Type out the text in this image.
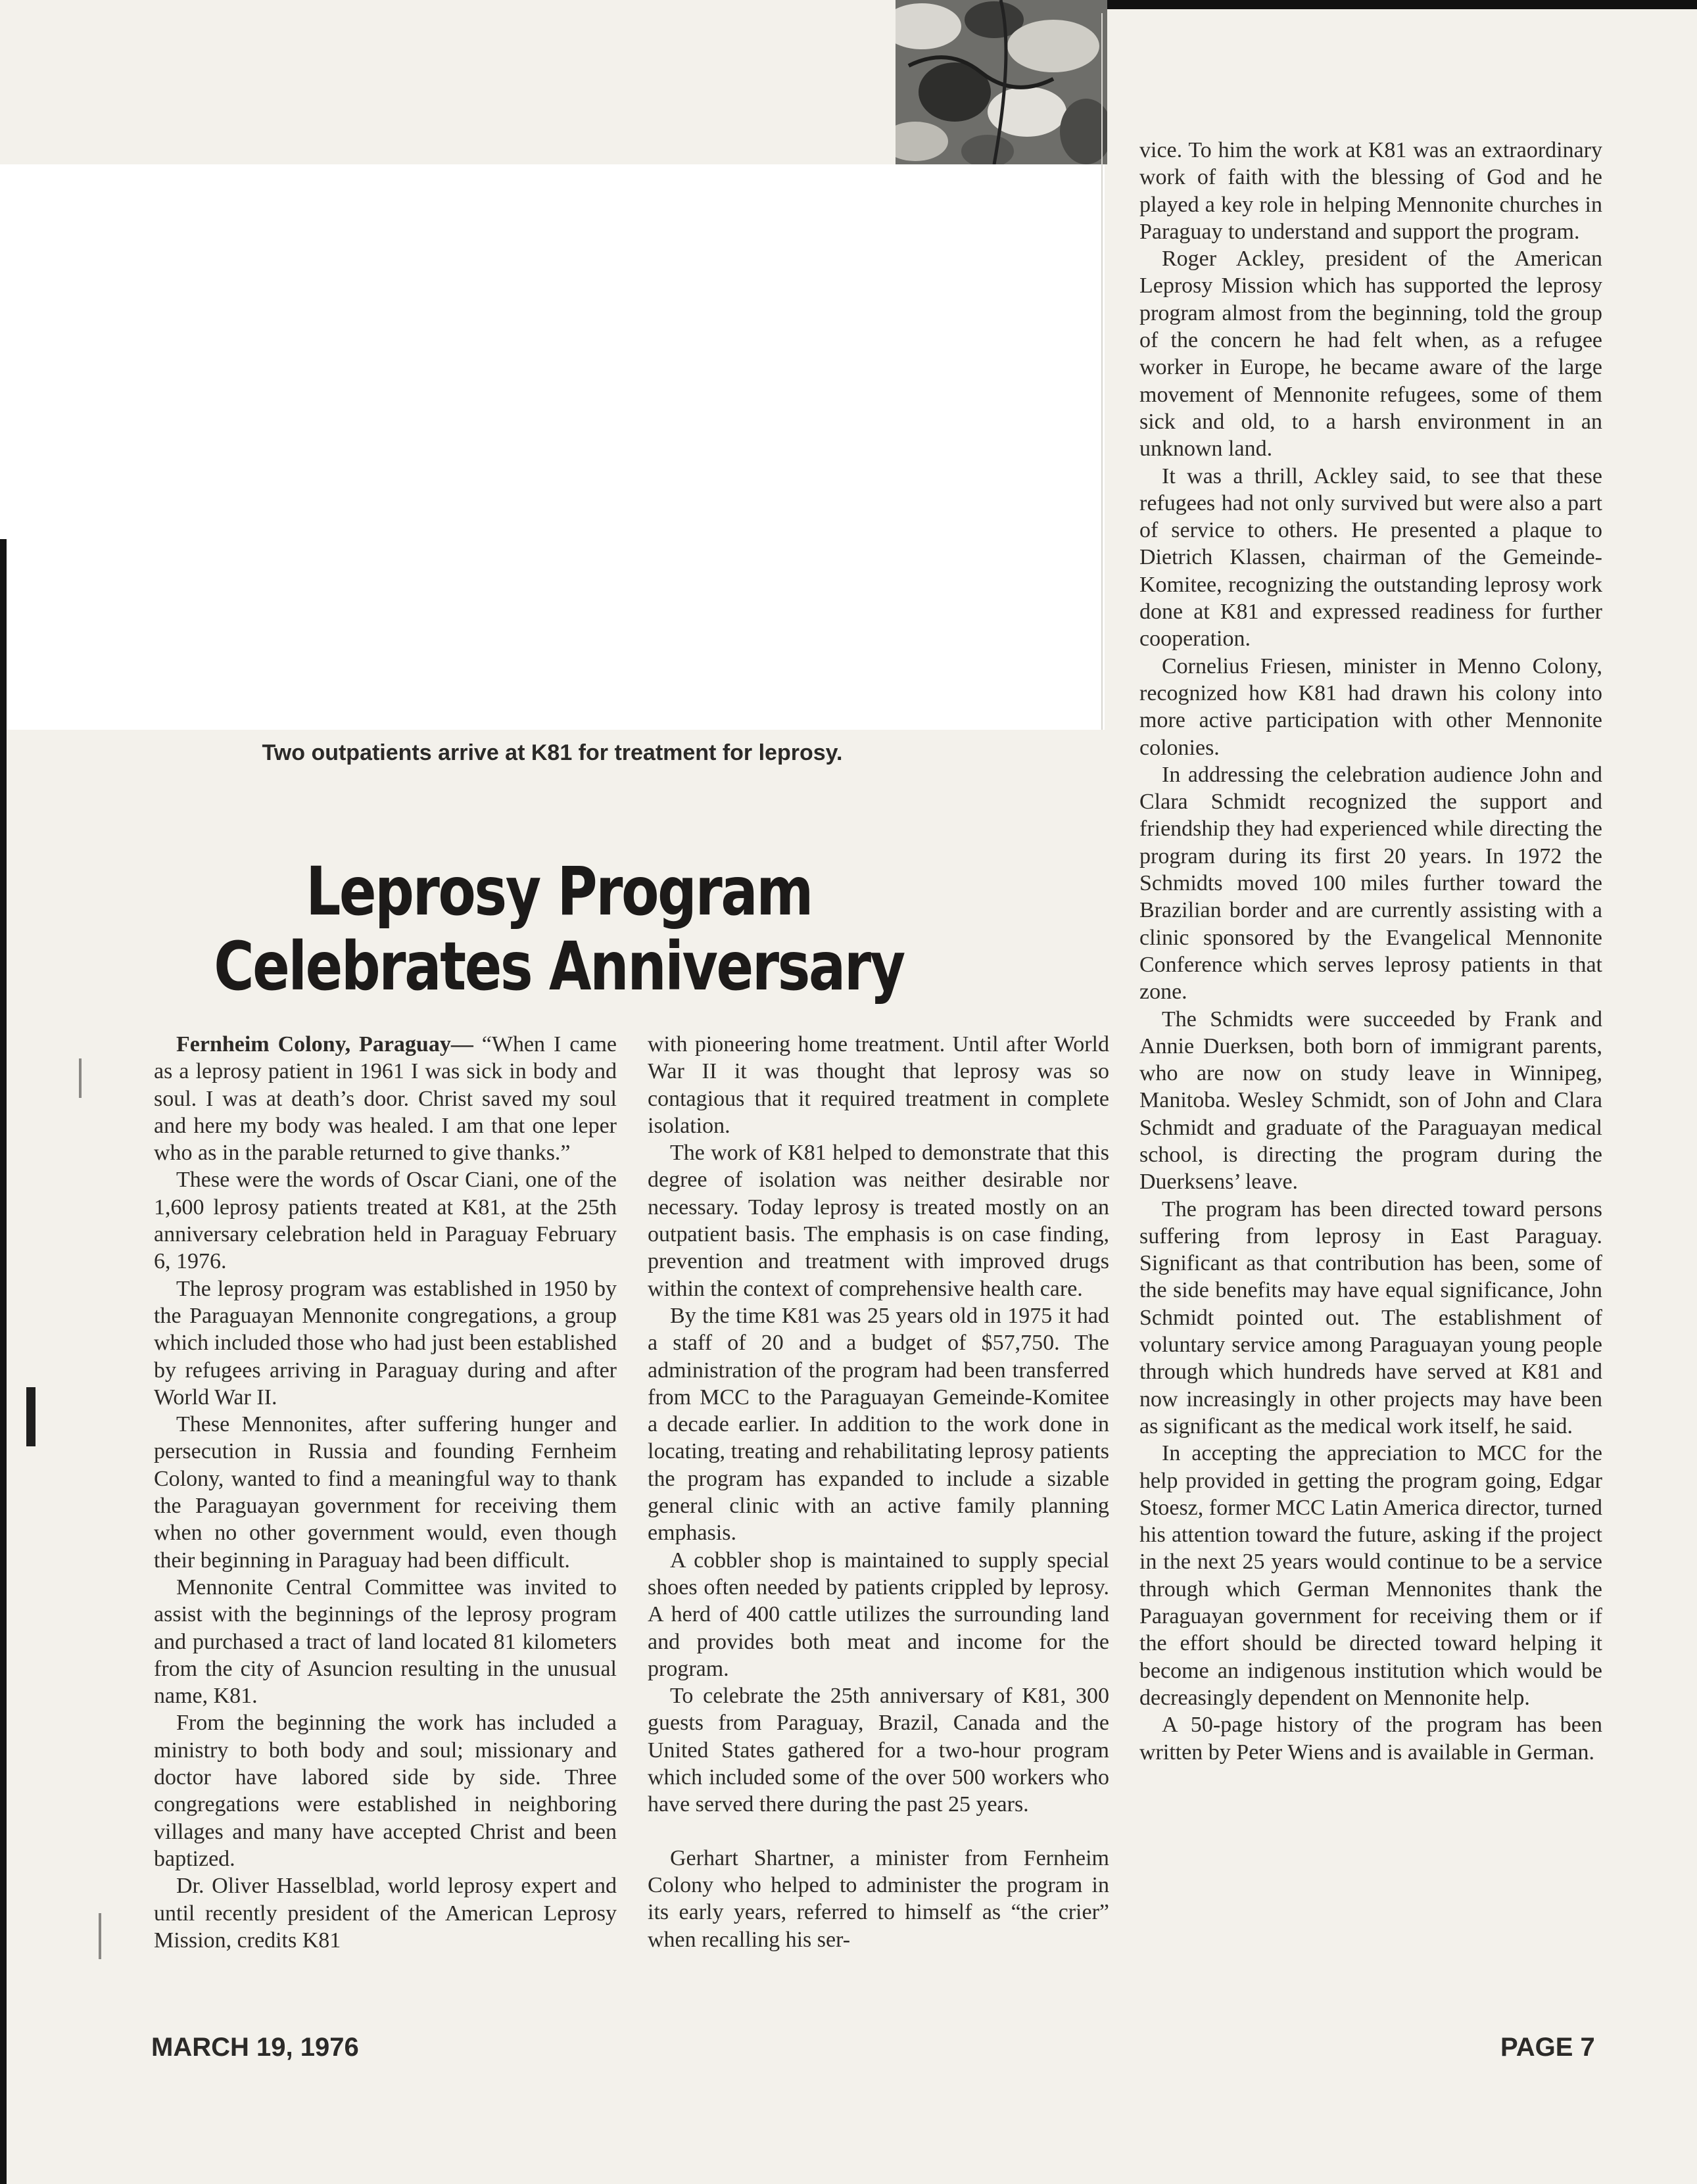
Two outpatients arrive at K81 for treatment for leprosy.
Leprosy Program
Celebrates Anniversary

Fernheim Colony, Paraguay— “When I came as a leprosy patient in 1961 I was sick in body and soul. I was at death’s door. Christ saved my soul and here my body was healed. I am that one leper who as in the parable returned to give thanks.”

These were the words of Oscar Ciani, one of the 1,600 leprosy patients treated at K81, at the 25th anniversary celebration held in Paraguay February 6, 1976.

The leprosy program was established in 1950 by the Paraguayan Mennonite congregations, a group which included those who had just been established by refugees arriving in Paraguay during and after World War II.

These Mennonites, after suffering hunger and persecution in Russia and founding Fernheim Colony, wanted to find a meaningful way to thank the Paraguayan government for receiving them when no other government would, even though their beginning in Paraguay had been difficult.

Mennonite Central Committee was invited to assist with the beginnings of the leprosy program and purchased a tract of land located 81 kilometers from the city of Asuncion resulting in the unusual name, K81.

From the beginning the work has included a ministry to both body and soul; missionary and doctor have labored side by side. Three congregations were established in neighboring villages and many have accepted Christ and been baptized.

Dr. Oliver Hasselblad, world leprosy expert and until recently president of the American Leprosy Mission, credits K81

with pioneering home treatment. Until after World War II it was thought that leprosy was so contagious that it required treatment in complete isolation.

The work of K81 helped to demonstrate that this degree of isolation was neither desirable nor necessary. Today leprosy is treated mostly on an outpatient basis. The emphasis is on case finding, prevention and treatment with improved drugs within the context of comprehensive health care.

By the time K81 was 25 years old in 1975 it had a staff of 20 and a budget of $57,750. The administration of the program had been transferred from MCC to the Paraguayan Gemeinde-Komitee a decade earlier. In addition to the work done in locating, treating and rehabilitating leprosy patients the program has expanded to include a sizable general clinic with an active family planning emphasis.

A cobbler shop is maintained to supply special shoes often needed by patients crippled by leprosy. A herd of 400 cattle utilizes the surrounding land and provides both meat and income for the program.

To celebrate the 25th anniversary of K81, 300 guests from Paraguay, Brazil, Canada and the United States gathered for a two-hour program which included some of the over 500 workers who have served there during the past 25 years.

Gerhart Shartner, a minister from Fernheim Colony who helped to administer the program in its early years, referred to himself as “the crier” when recalling his ser-

vice. To him the work at K81 was an extraordinary work of faith with the blessing of God and he played a key role in helping Mennonite churches in Paraguay to understand and support the program.

Roger Ackley, president of the American Leprosy Mission which has supported the leprosy program almost from the beginning, told the group of the concern he had felt when, as a refugee worker in Europe, he became aware of the large movement of Mennonite refugees, some of them sick and old, to a harsh environment in an unknown land.

It was a thrill, Ackley said, to see that these refugees had not only survived but were also a part of service to others. He presented a plaque to Dietrich Klassen, chairman of the Gemeinde-Komitee, recognizing the outstanding leprosy work done at K81 and expressed readiness for further cooperation.

Cornelius Friesen, minister in Menno Colony, recognized how K81 had drawn his colony into more active participation with other Mennonite colonies.

In addressing the celebration audience John and Clara Schmidt recognized the support and friendship they had experienced while directing the program during its first 20 years. In 1972 the Schmidts moved 100 miles further toward the Brazilian border and are currently assisting with a clinic sponsored by the Evangelical Mennonite Conference which serves leprosy patients in that zone.

The Schmidts were succeeded by Frank and Annie Duerksen, both born of immigrant parents, who are now on study leave in Winnipeg, Manitoba. Wesley Schmidt, son of John and Clara Schmidt and graduate of the Paraguayan medical school, is directing the program during the Duerksens’ leave.

The program has been directed toward persons suffering from leprosy in East Paraguay. Significant as that contribution has been, some of the side benefits may have equal significance, John Schmidt pointed out. The establishment of voluntary service among Paraguayan young people through which hundreds have served at K81 and now increasingly in other projects may have been as significant as the medical work itself, he said.

In accepting the appreciation to MCC for the help provided in getting the program going, Edgar Stoesz, former MCC Latin America director, turned his attention toward the future, asking if the project in the next 25 years would continue to be a service through which German Mennonites thank the Paraguayan government for receiving them or if the effort should be directed toward helping it become an indigenous institution which would be decreasingly dependent on Mennonite help.

A 50-page history of the program has been written by Peter Wiens and is available in German.

MARCH 19, 1976	PAGE 7
